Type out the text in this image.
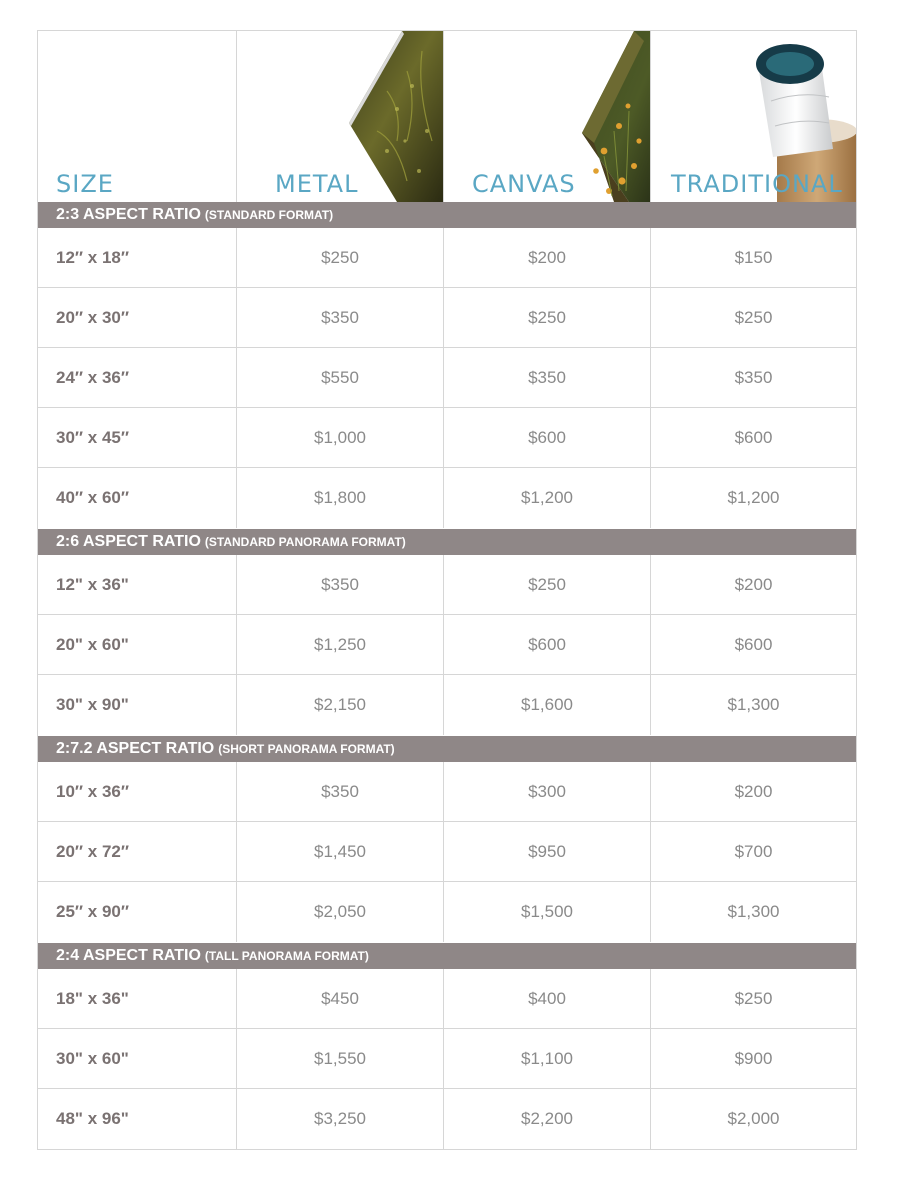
SIZE	METAL	CANVAS	TRADITIONAL
2:3 ASPECT RATIO (STANDARD FORMAT)
12″ x 18″	$250	$200	$150
20″ x 30″	$350	$250	$250
24″ x 36″	$550	$350	$350
30″ x 45″	$1,000	$600	$600
40″ x 60″	$1,800	$1,200	$1,200
2:6 ASPECT RATIO (STANDARD PANORAMA FORMAT)
12" x 36"	$350	$250	$200
20" x 60"	$1,250	$600	$600
30" x 90"	$2,150	$1,600	$1,300
2:7.2 ASPECT RATIO (SHORT PANORAMA FORMAT)
10″ x 36″	$350	$300	$200
20″ x 72″	$1,450	$950	$700
25″ x 90″	$2,050	$1,500	$1,300
2:4 ASPECT RATIO (TALL PANORAMA FORMAT)
18" x 36"	$450	$400	$250
30" x 60"	$1,550	$1,100	$900
48" x 96"	$3,250	$2,200	$2,000
